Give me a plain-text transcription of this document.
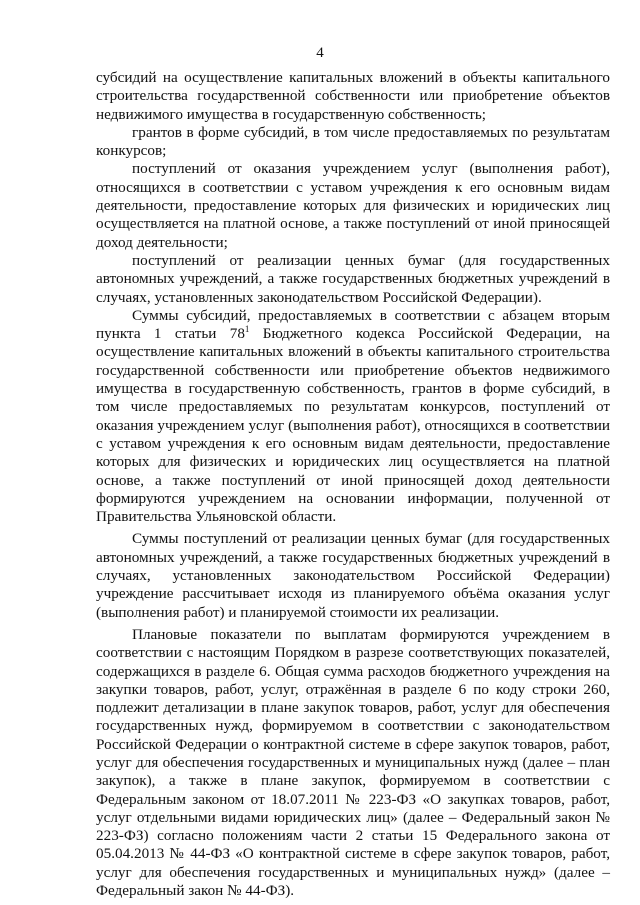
4

субсидий на осуществление капитальных вложений в объекты капитального строительства государственной собственности или приобретение объектов недвижимого имущества в государственную собственность;

грантов в форме субсидий, в том числе предоставляемых по результатам конкурсов;

поступлений от оказания учреждением услуг (выполнения работ), относящихся в соответствии с уставом учреждения к его основным видам деятельности, предоставление которых для физических и юридических лиц осуществляется на платной основе, а также поступлений от иной приносящей доход деятельности;

поступлений от реализации ценных бумаг (для государственных автономных учреждений, а также государственных бюджетных учреждений в случаях, установленных законодательством Российской Федерации).

Суммы субсидий, предоставляемых в соответствии с абзацем вторым пункта 1 статьи $78^1$ Бюджетного кодекса Российской Федерации, на осуществление капитальных вложений в объекты капитального строительства государственной собственности или приобретение объектов недвижимого имущества в государственную собственность, грантов в форме субсидий, в том числе предоставляемых по результатам конкурсов, поступлений от оказания учреждением услуг (выполнения работ), относящихся в соответствии с уставом учреждения к его основным видам деятельности, предоставление которых для физических и юридических лиц осуществляется на платной основе, а также поступлений от иной приносящей доход деятельности формируются учреждением на основании информации, полученной от Правительства Ульяновской области.

Суммы поступлений от реализации ценных бумаг (для государственных автономных учреждений, а также государственных бюджетных учреждений в случаях, установленных законодательством Российской Федерации) учреждение рассчитывает исходя из планируемого объёма оказания услуг (выполнения работ) и планируемой стоимости их реализации.

Плановые показатели по выплатам формируются учреждением в соответствии с настоящим Порядком в разрезе соответствующих показателей, содержащихся в разделе 6. Общая сумма расходов бюджетного учреждения на закупки товаров, работ, услуг, отражённая в разделе 6 по коду строки 260, подлежит детализации в плане закупок товаров, работ, услуг для обеспечения государственных нужд, формируемом в соответствии с законодательством Российской Федерации о контрактной системе в сфере закупок товаров, работ, услуг для обеспечения государственных и муниципальных нужд (далее – план закупок), а также в плане закупок, формируемом в соответствии с Федеральным законом от 18.07.2011 № 223-ФЗ «О закупках товаров, работ, услуг отдельными видами юридических лиц» (далее – Федеральный закон № 223-ФЗ) согласно положениям части 2 статьи 15 Федерального закона от 05.04.2013 № 44-ФЗ «О контрактной системе в сфере закупок товаров, работ, услуг для обеспечения государственных и муниципальных нужд» (далее – Федеральный закон № 44-ФЗ).
